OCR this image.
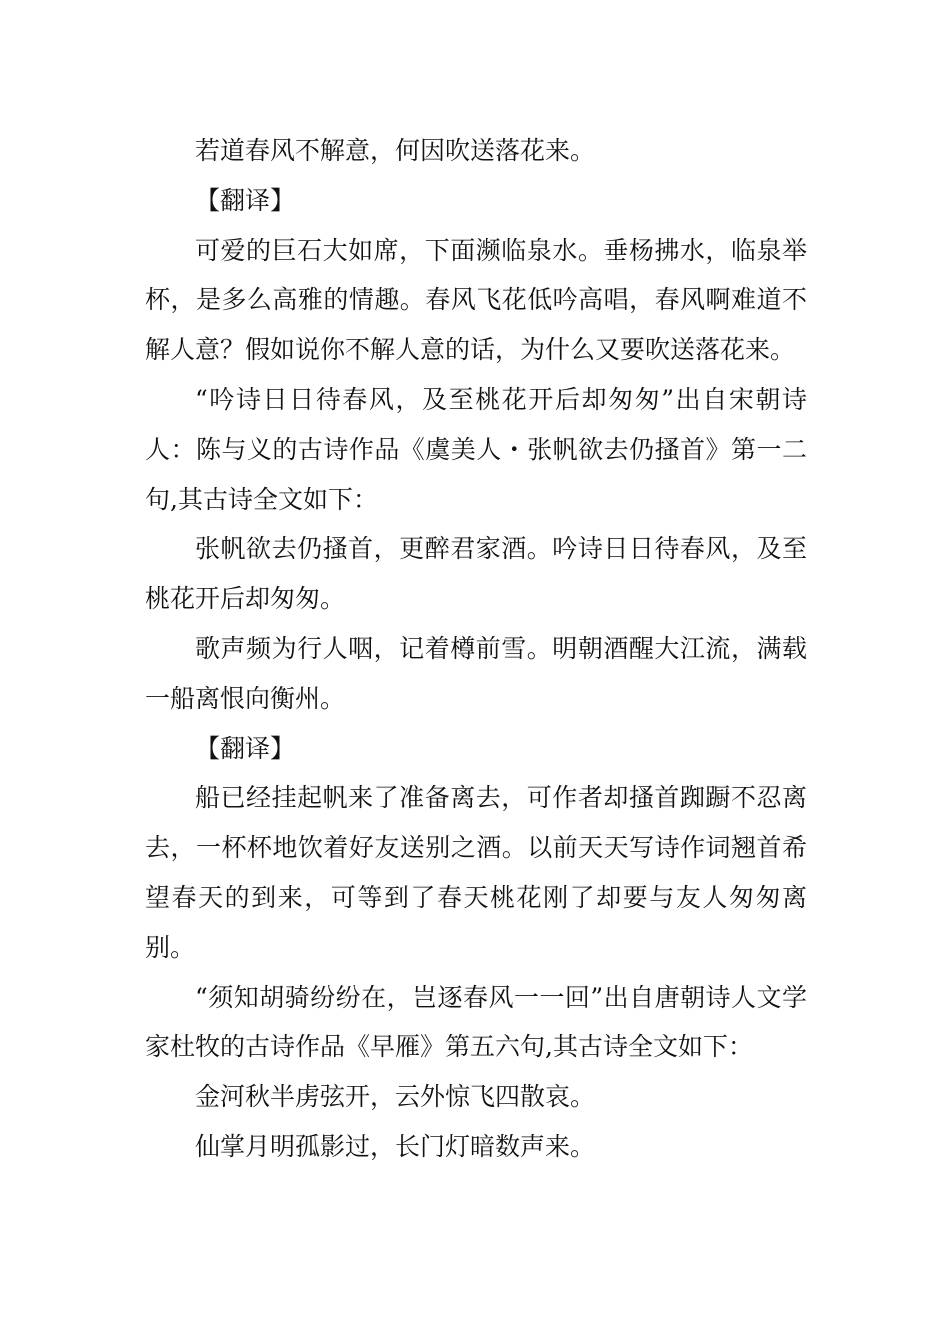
若道春风不解意，何因吹送落花来。

【翻译】

可爱的巨石大如席，下面濒临泉水。垂杨拂水，临泉举杯，是多么高雅的情趣。春风飞花低吟高唱，春风啊难道不解人意？假如说你不解人意的话，为什么又要吹送落花来。

“吟诗日日待春风，及至桃花开后却匆匆”出自宋朝诗人：陈与义的古诗作品《虞美人・张帆欲去仍搔首》第一二句,其古诗全文如下：

张帆欲去仍搔首，更醉君家酒。吟诗日日待春风，及至桃花开后却匆匆。

歌声频为行人咽，记着樽前雪。明朝酒醒大江流，满载一船离恨向衡州。

【翻译】

船已经挂起帆来了准备离去，可作者却搔首踟蹰不忍离去，一杯杯地饮着好友送别之酒。以前天天写诗作词翘首希望春天的到来，可等到了春天桃花刚了却要与友人匆匆离别。

“须知胡骑纷纷在，岂逐春风一一回”出自唐朝诗人文学家杜牧的古诗作品《早雁》第五六句,其古诗全文如下：

金河秋半虏弦开，云外惊飞四散哀。

仙掌月明孤影过，长门灯暗数声来。
